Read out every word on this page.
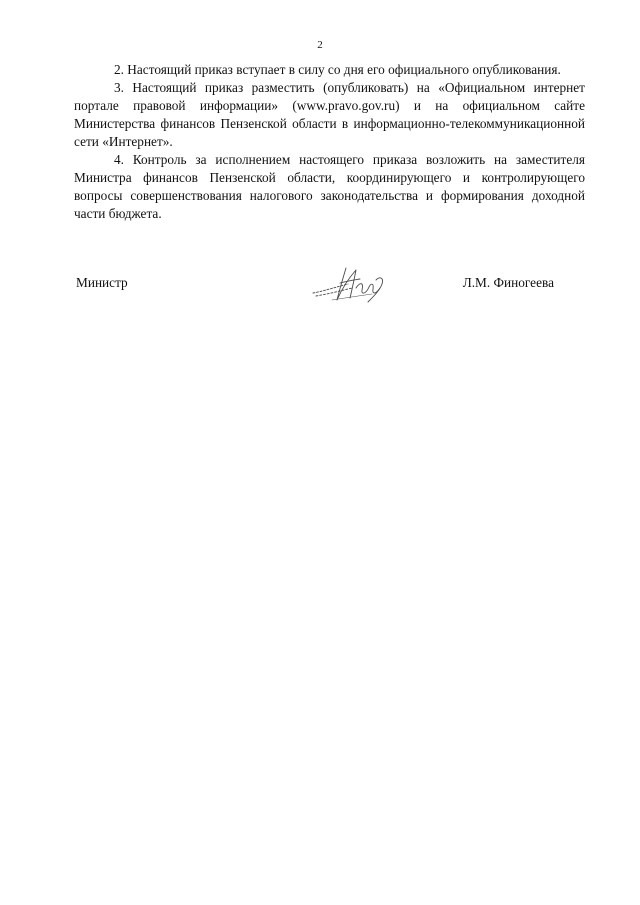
2

2. Настоящий приказ вступает в силу со дня его официального опубликования.

3. Настоящий приказ разместить (опубликовать) на «Официальном интернет портале правовой информации» (www.pravo.gov.ru) и на официальном сайте Министерства финансов Пензенской области в информационно-телекоммуникационной сети «Интернет».

4. Контроль за исполнением настоящего приказа возложить на заместителя Министра финансов Пензенской области, координирующего и контролирующего вопросы совершенствования налогового законодательства и формирования доходной части бюджета.

Министр	Л.М. Финогеева
